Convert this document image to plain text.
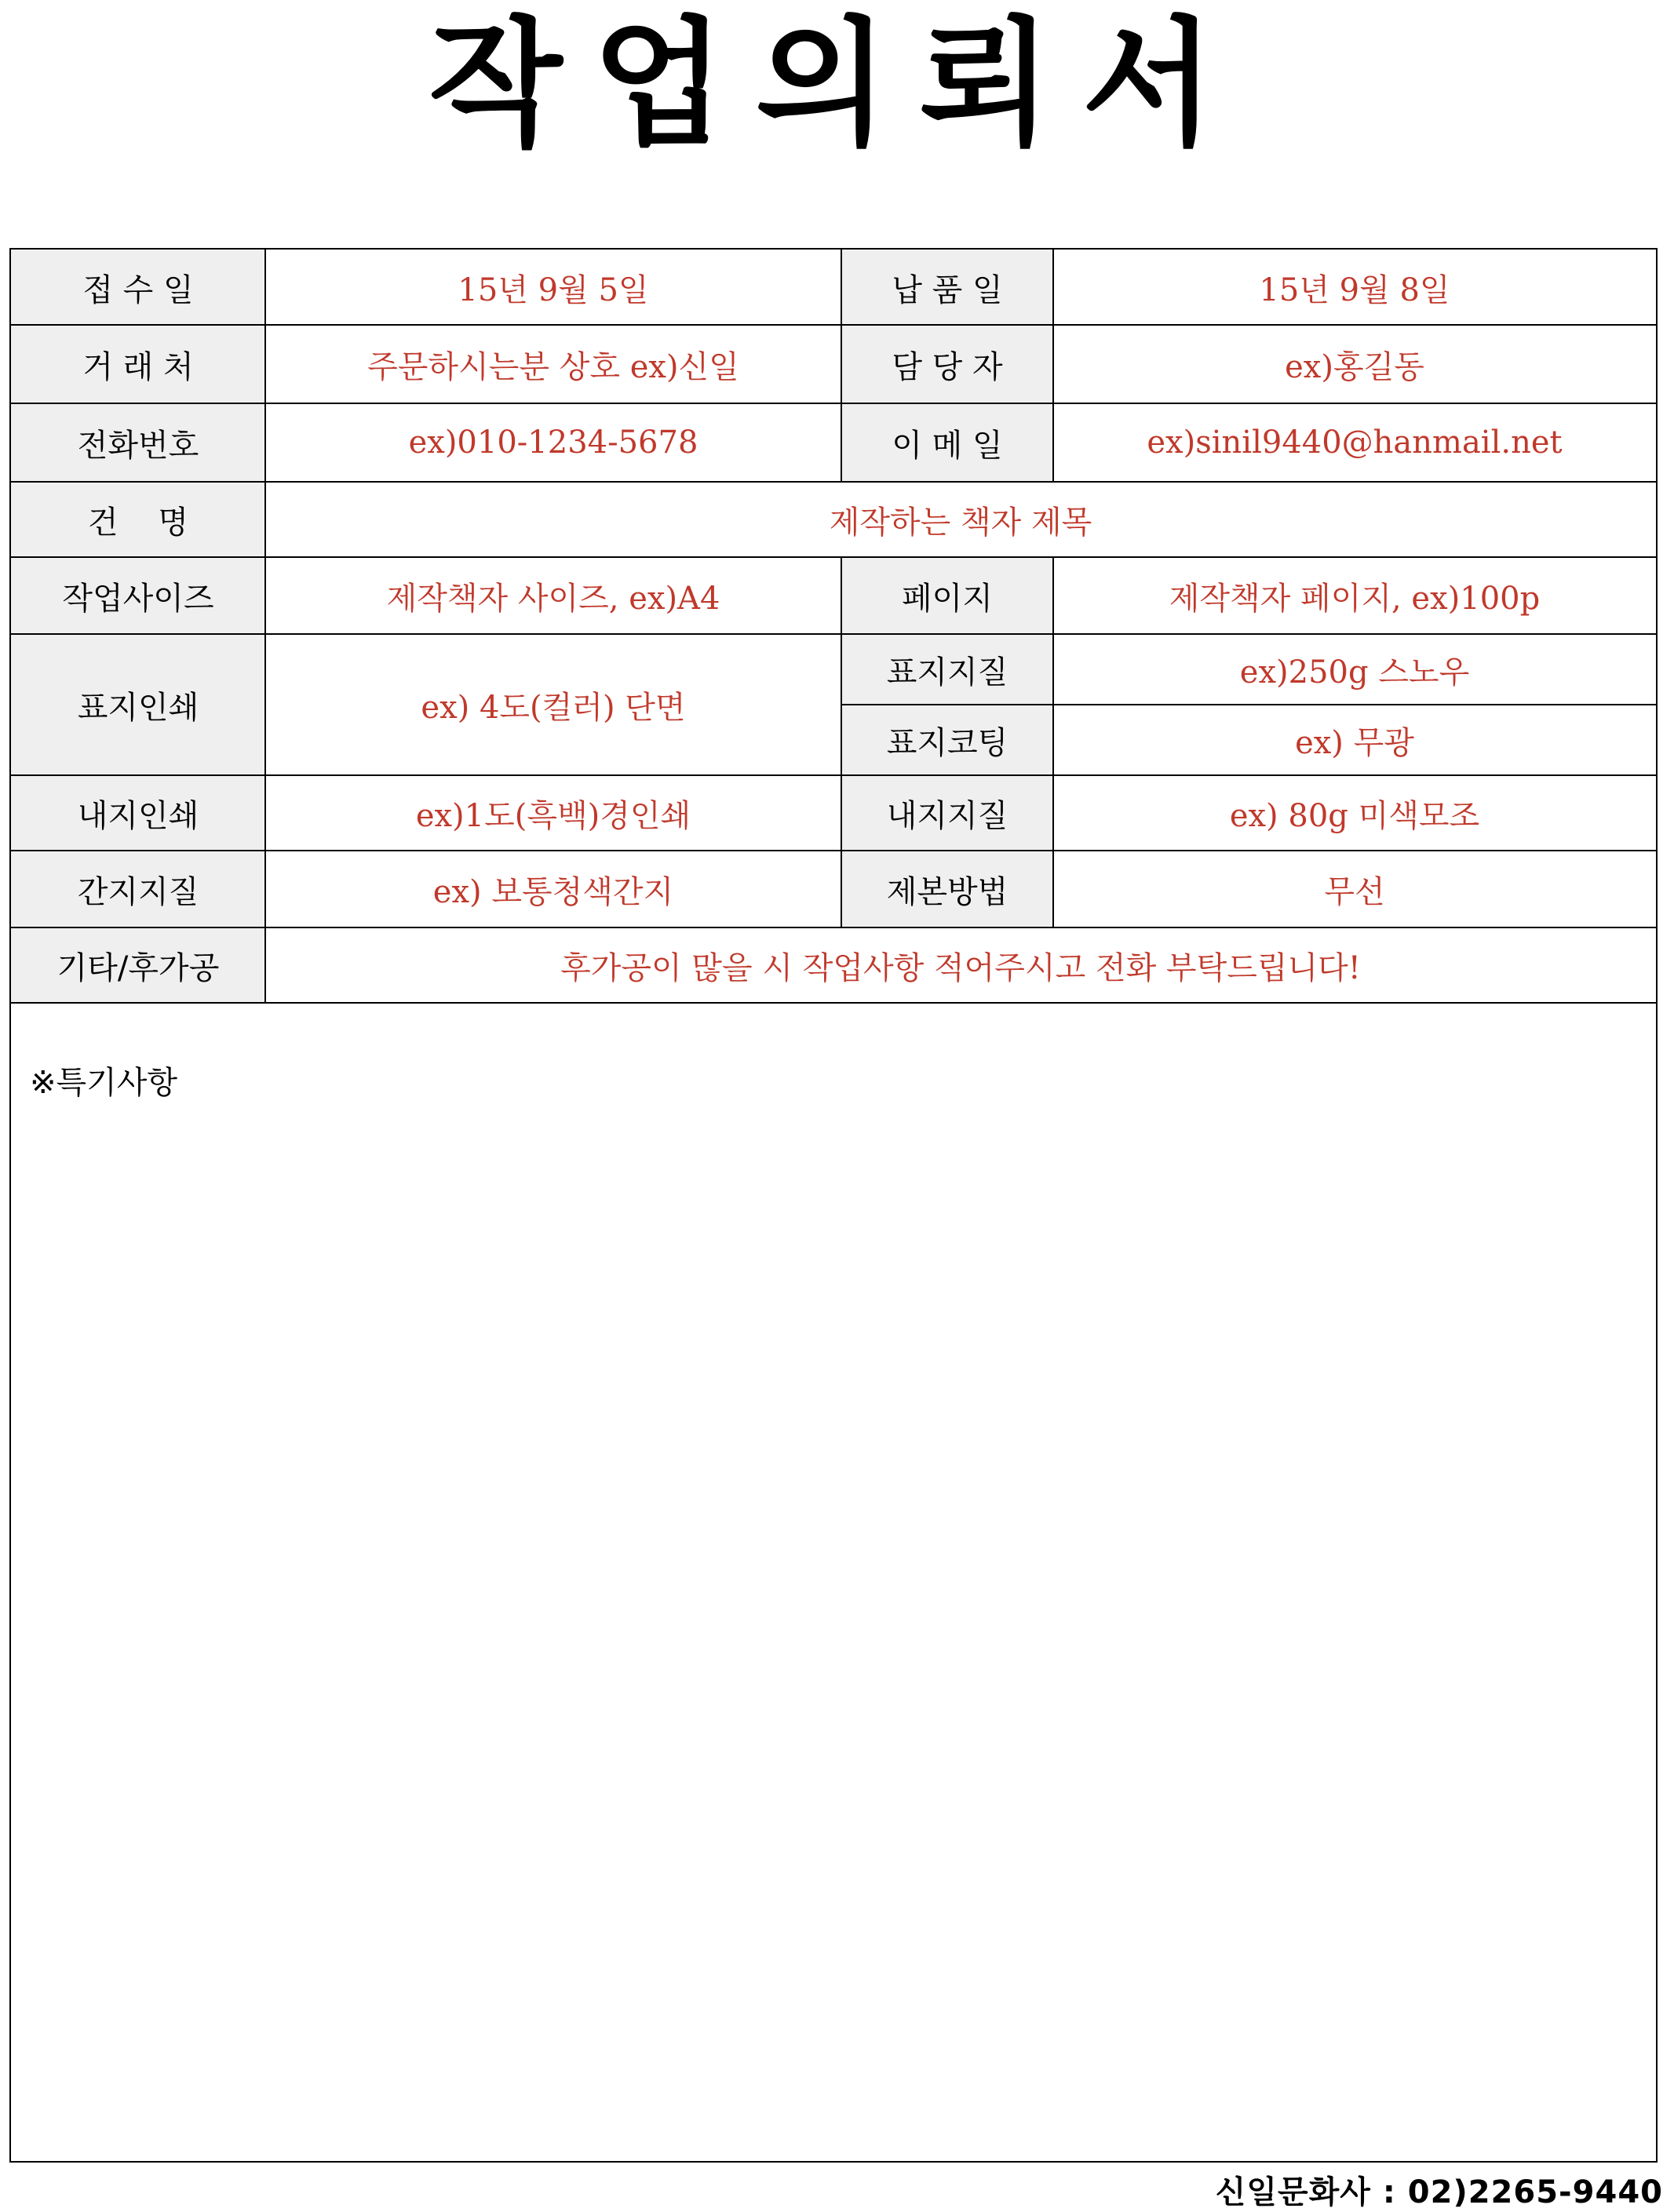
작업의뢰서
접 수 일	15년 9월 5일	납 품 일	15년 9월 8일
거 래 처	주문하시는분 상호 ex)신일	담 당 자	ex)홍길동
전화번호	ex)010-1234-5678	이 메 일	ex)sinil9440@hanmail.net
건    명	제작하는 책자 제목
작업사이즈	제작책자 사이즈, ex)A4	페이지	제작책자 페이지, ex)100p
표지인쇄	ex) 4도(컬러) 단면
표지지질	ex)250g 스노우
표지코팅	ex) 무광
내지인쇄	ex)1도(흑백)경인쇄	내지지질	ex) 80g 미색모조
간지지질	ex) 보통청색간지	제본방법	무선
기타/후가공	후가공이 많을 시 작업사항 적어주시고 전화 부탁드립니다!
※특기사항
신일문화사 : 02)2265-9440
